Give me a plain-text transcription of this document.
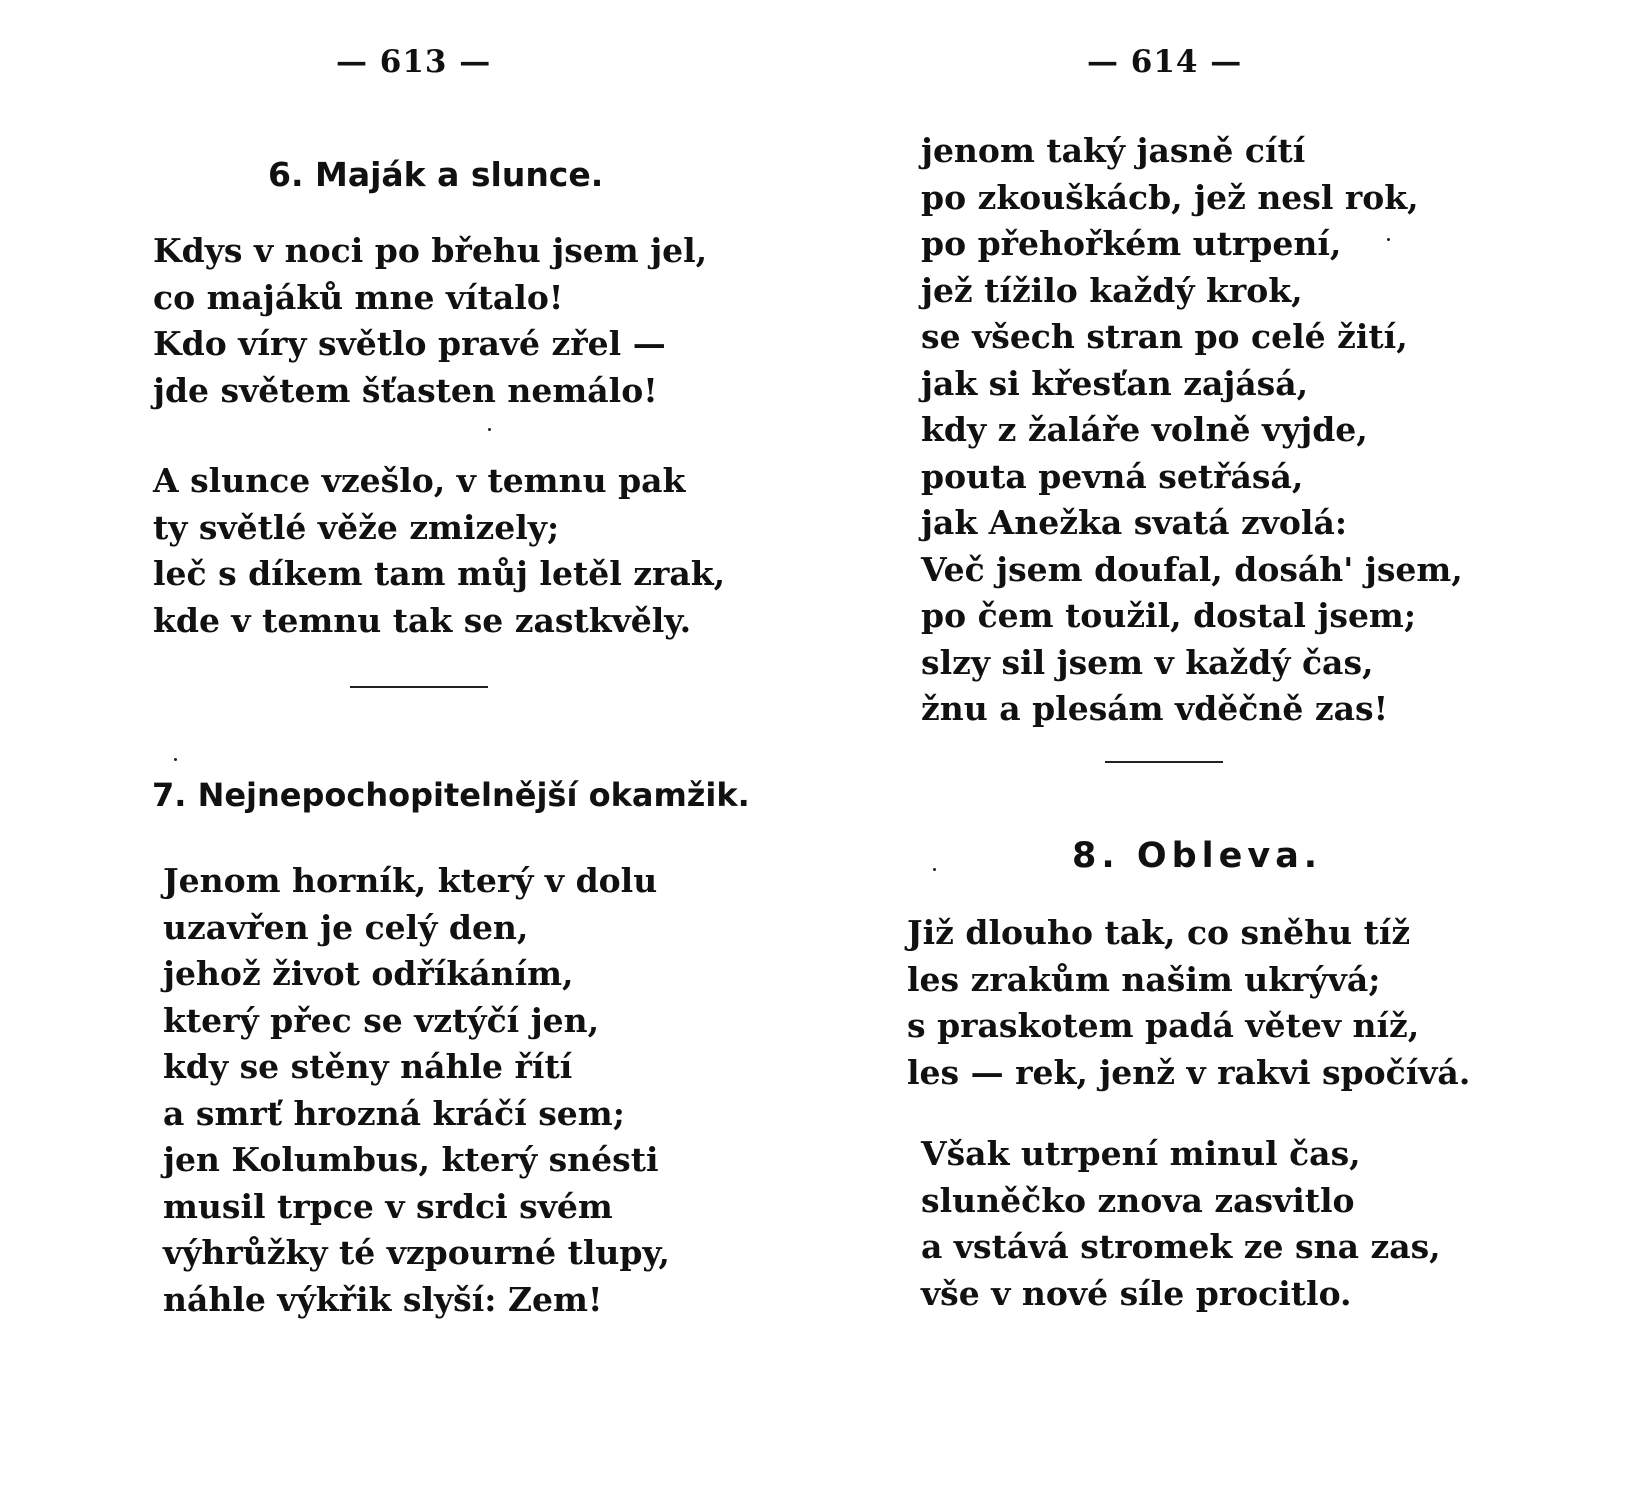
— 613 —
6. Maják a slunce.
Kdys v noci po břehu jsem jel,
co majáků mne vítalo!
Kdo víry světlo pravé zřel —
jde světem šťasten nemálo!
A slunce vzešlo, v temnu pak
ty světlé věže zmizely;
leč s díkem tam můj letěl zrak,
kde v temnu tak se zastkvěly.
7. Nejnepochopitelnější okamžik.
Jenom horník, který v dolu
uzavřen je celý den,
jehož život odříkáním,
který přec se vztýčí jen,
kdy se stěny náhle řítí
a smrť hrozná kráčí sem;
jen Kolumbus, který snésti
musil trpce v srdci svém
výhrůžky té vzpourné tlupy,
náhle výkřik slyší: Zem!
— 614 —
jenom taký jasně cítí
po zkouškácb, jež nesl rok,
po přehořkém utrpení,
jež tížilo každý krok,
se všech stran po celé žití,
jak si křesťan zajásá,
kdy z žaláře volně vyjde,
pouta pevná setřásá,
jak Anežka svatá zvolá:
Več jsem doufal, dosáh' jsem,
po čem toužil, dostal jsem;
slzy sil jsem v každý čas,
žnu a plesám vděčně zas!
8. Obleva.
Již dlouho tak, co sněhu tíž
les zrakům našim ukrývá;
s praskotem padá větev níž,
les — rek, jenž v rakvi spočívá.
Však utrpení minul čas,
sluněčko znova zasvitlo
a vstává stromek ze sna zas,
vše v nové síle procitlo.
